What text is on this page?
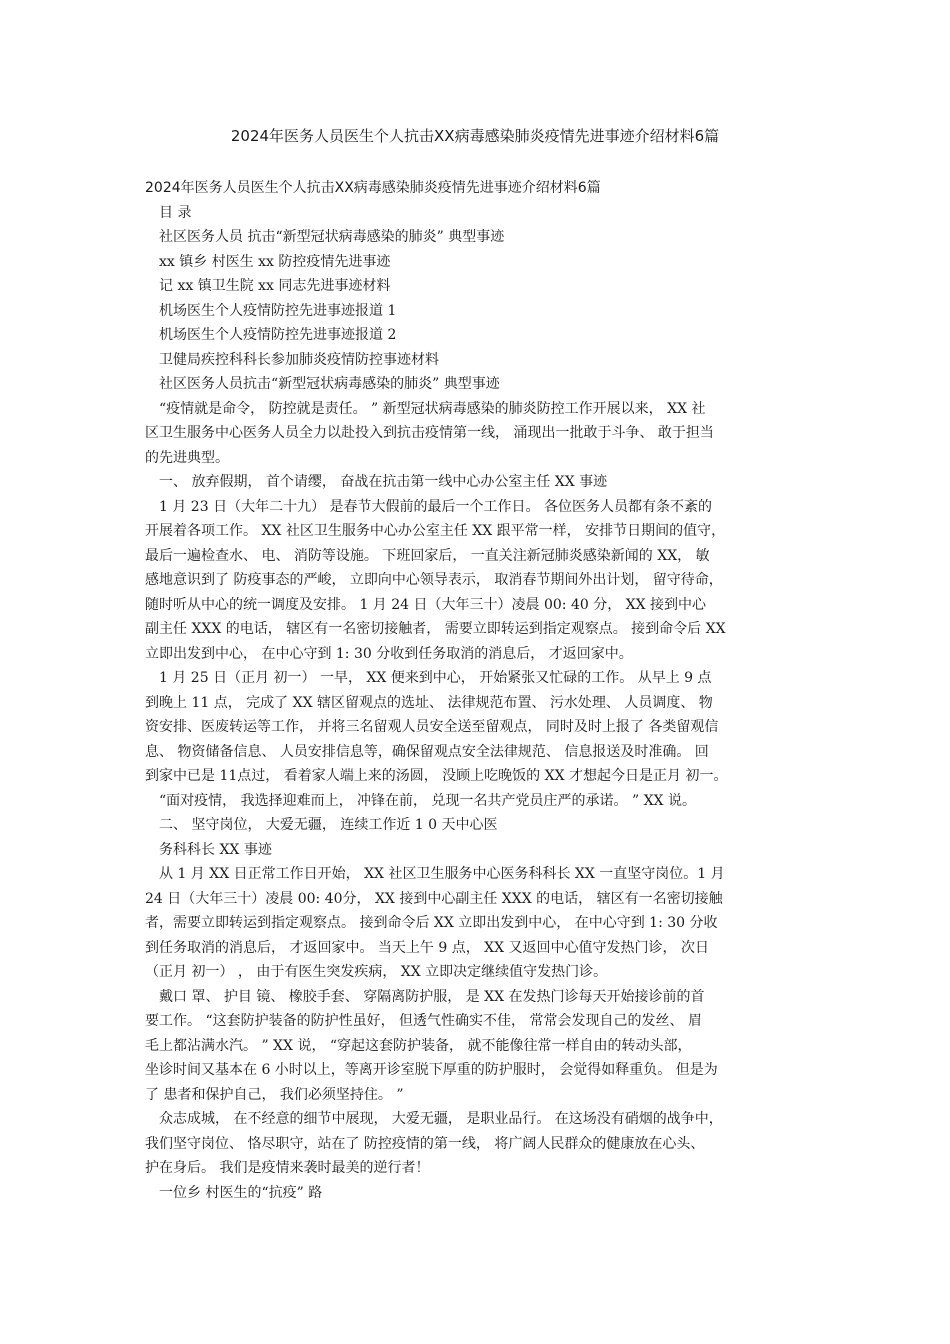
2024年医务人员医生个人抗击XX病毒感染肺炎疫情先进事迹介绍材料6篇
2024年医务人员医生个人抗击XX病毒感染肺炎疫情先进事迹介绍材料6篇
　目 录
　社区医务人员 抗击“新型冠状病毒感染的肺炎” 典型事迹
　xx 镇乡 村医生 xx 防控疫情先进事迹
　记 xx 镇卫生院 xx 同志先进事迹材料
　机场医生个人疫情防控先进事迹报道 1
　机场医生个人疫情防控先进事迹报道 2
　卫健局疾控科科长参加肺炎疫情防控事迹材料
　社区医务人员抗击“新型冠状病毒感染的肺炎” 典型事迹
　“疫情就是命令， 防控就是责任。 ” 新型冠状病毒感染的肺炎防控工作开展以来， XX 社
区卫生服务中心医务人员全力以赴投入到抗击疫情第一线， 涌现出一批敢于斗争、 敢于担当
的先进典型。
　一、 放弃假期， 首个请缨， 奋战在抗击第一线中心办公室主任 XX 事迹
　1 月 23 日（大年二十九） 是春节大假前的最后一个工作日。 各位医务人员都有条不紊的
开展着各项工作。 XX 社区卫生服务中心办公室主任 XX 跟平常一样， 安排节日期间的值守，
最后一遍检查水、 电、 消防等设施。 下班回家后， 一直关注新冠肺炎感染新闻的 XX， 敏
感地意识到了 防疫事态的严峻， 立即向中心领导表示， 取消春节期间外出计划， 留守待命，
随时听从中心的统一调度及安排。 1 月 24 日（大年三十）凌晨 00: 40 分， XX 接到中心
副主任 XXX 的电话， 辖区有一名密切接触者， 需要立即转运到指定观察点。 接到命令后 XX
立即出发到中心， 在中心守到 1: 30 分收到任务取消的消息后， 才返回家中。
　1 月 25 日（正月 初一） 一早， XX 便来到中心， 开始紧张又忙碌的工作。 从早上 9 点
到晚上 11 点， 完成了 XX 辖区留观点的选址、 法律规范布置、 污水处理、 人员调度、 物
资安排、医废转运等工作， 并将三名留观人员安全送至留观点， 同时及时上报了 各类留观信
息、 物资储备信息、 人员安排信息等，确保留观点安全法律规范、 信息报送及时准确。 回
到家中已是 11点过， 看着家人端上来的汤圆， 没顾上吃晚饭的 XX 才想起今日是正月 初一。
　“面对疫情， 我选择迎难而上， 冲锋在前， 兑现一名共产党员庄严的承诺。 ” XX 说。
　二、 坚守岗位， 大爱无疆， 连续工作近 1 0 天中心医
　务科科长 XX 事迹
　从 1 月 XX 日正常工作日开始， XX 社区卫生服务中心医务科科长 XX 一直坚守岗位。1 月
24 日（大年三十）凌晨 00: 40分， XX 接到中心副主任 XXX 的电话， 辖区有一名密切接触
者，需要立即转运到指定观察点。 接到命令后 XX 立即出发到中心， 在中心守到 1: 30 分收
到任务取消的消息后， 才返回家中。 当天上午 9 点， XX 又返回中心值守发热门诊， 次日
（正月 初一） ， 由于有医生突发疾病， XX 立即决定继续值守发热门诊。
　戴口 罩、 护目 镜、 橡胶手套、 穿隔离防护服， 是 XX 在发热门诊每天开始接诊前的首
要工作。 “这套防护装备的防护性虽好， 但透气性确实不佳， 常常会发现自己的发丝、 眉
毛上都沾满水汽。 ” XX 说， “穿起这套防护装备， 就不能像往常一样自由的转动头部，
坐诊时间又基本在 6 小时以上，等离开诊室脱下厚重的防护服时， 会觉得如释重负。 但是为
了 患者和保护自己， 我们必须坚持住。 ”
　众志成城， 在不经意的细节中展现， 大爱无疆， 是职业品行。 在这场没有硝烟的战争中，
我们坚守岗位、 恪尽职守，站在了 防控疫情的第一线， 将广阔人民群众的健康放在心头、
护在身后。 我们是疫情来袭时最美的逆行者！
　一位乡 村医生的“抗疫” 路
